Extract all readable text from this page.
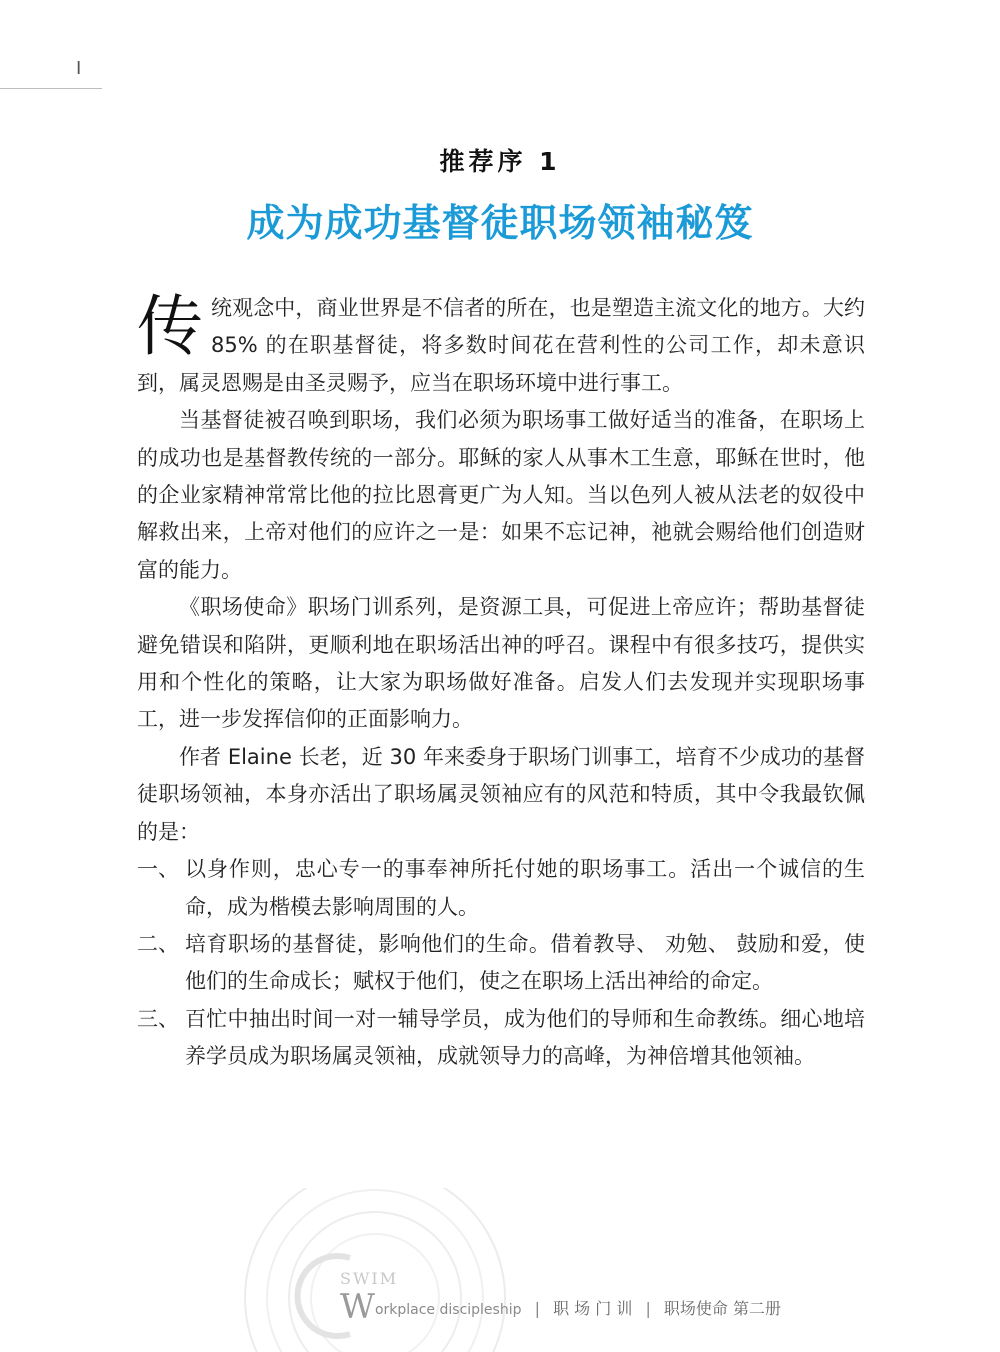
I
推荐序 1
成为成功基督徒职场领袖秘笈

传统观念中，商业世界是不信者的所在，也是塑造主流文化的地方。大约 85% 的在职基督徒，将多数时间花在营利性的公司工作，却未意识到，属灵恩赐是由圣灵赐予，应当在职场环境中进行事工。

当基督徒被召唤到职场，我们必须为职场事工做好适当的准备，在职场上的成功也是基督教传统的一部分。耶稣的家人从事木工生意，耶稣在世时，他的企业家精神常常比他的拉比恩膏更广为人知。当以色列人被从法老的奴役中解救出来，上帝对他们的应许之一是：如果不忘记神，祂就会赐给他们创造财富的能力。

《职场使命》职场门训系列，是资源工具，可促进上帝应许；帮助基督徒避免错误和陷阱，更顺利地在职场活出神的呼召。课程中有很多技巧，提供实用和个性化的策略，让大家为职场做好准备。启发人们去发现并实现职场事工，进一步发挥信仰的正面影响力。

作者 Elaine 长老，近 30 年来委身于职场门训事工，培育不少成功的基督徒职场领袖，本身亦活出了职场属灵领袖应有的风范和特质，其中令我最钦佩的是：

一、 以身作则，忠心专一的事奉神所托付她的职场事工。活出一个诚信的生命，成为楷模去影响周围的人。
二、 培育职场的基督徒，影响他们的生命。借着教导、 劝勉、 鼓励和爱，使他们的生命成长；赋权于他们，使之在职场上活出神给的命定。
三、 百忙中抽出时间一对一辅导学员，成为他们的导师和生命教练。细心地培养学员成为职场属灵领袖，成就领导力的高峰，为神倍增其他领袖。
SWIM
Workplace discipleship | 职 场 门 训 | 职场使命 第二册
